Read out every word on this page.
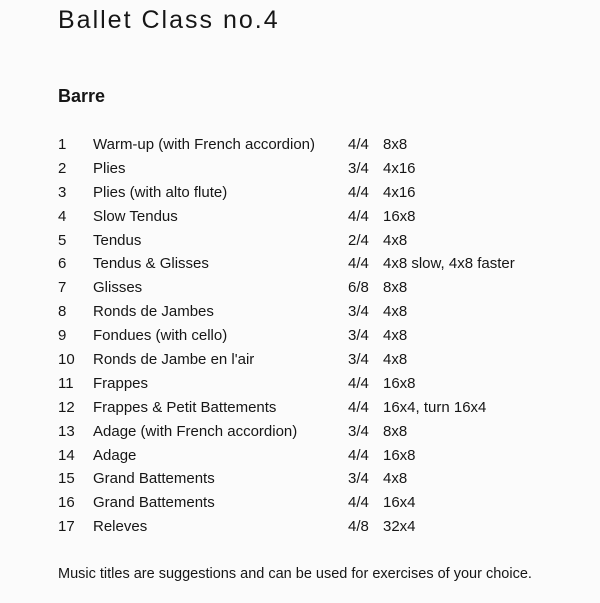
Ballet Class no.4
Barre
1 Warm-up (with French accordion) 4/4 8x8
2 Plies	3/4 4x16
3 Plies (with alto flute)	4/4 4x16
4 Slow Tendus	4/4 16x8
5 Tendus	2/4 4x8
6 Tendus & Glisses	4/4 4x8 slow, 4x8 faster
7 Glisses	6/8 8x8
8 Ronds de Jambes	3/4 4x8
9 Fondues (with cello)	3/4 4x8
10 Ronds de Jambe en l'air	3/4 4x8
11 Frappes	4/4 16x8
12 Frappes & Petit Battements	4/4 16x4, turn 16x4
13 Adage (with French accordion)	3/4 8x8
14 Adage	4/4 16x8
15 Grand Battements	3/4 4x8
16 Grand Battements	4/4 16x4
17 Releves	4/8 32x4
Music titles are suggestions and can be used for exercises of your choice.
